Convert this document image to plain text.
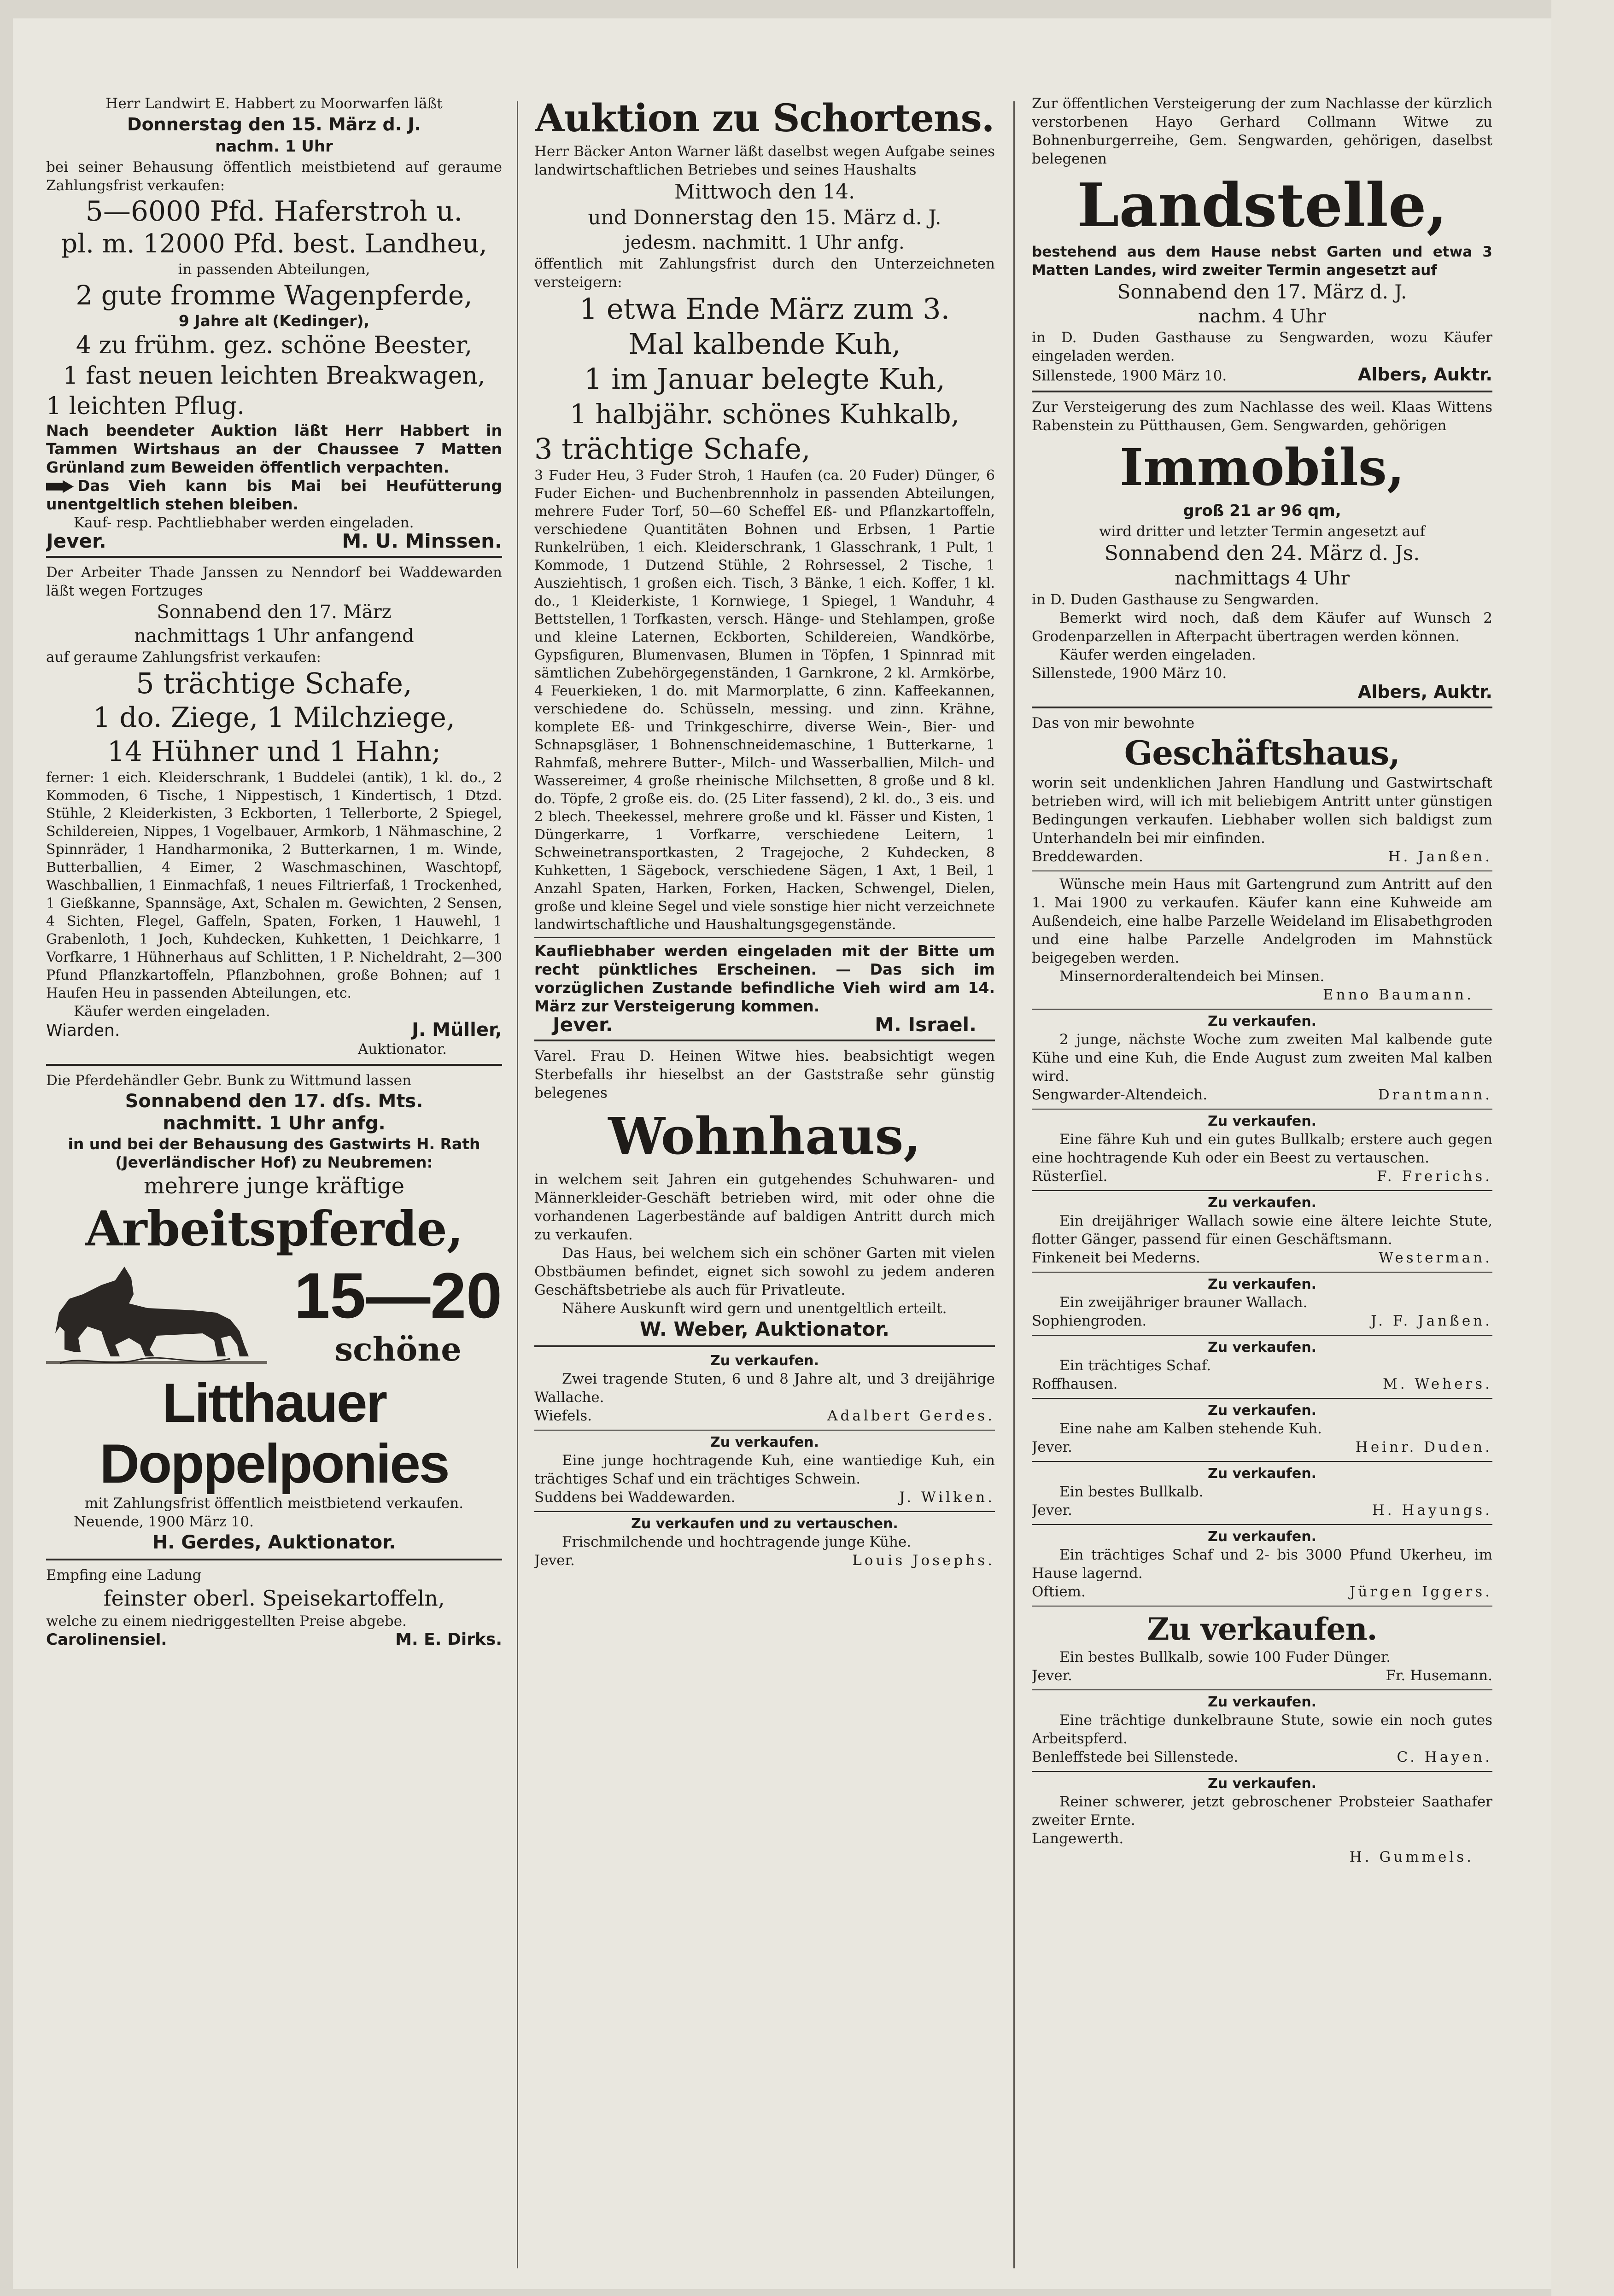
Herr Landwirt E. Habbert zu Moorwarfen läßt

Donnerstag den 15. März d. J.

nachm. 1 Uhr

bei seiner Behausung öffentlich meistbietend auf geraume Zahlungsfrist verkaufen:

5—6000 Pfd. Haferstroh u.

pl. m. 12000 Pfd. best. Landheu,

in passenden Abteilungen,

2 gute fromme Wagenpferde,

9 Jahre alt (Kedinger),

4 zu frühm. gez. schöne Beester,

1 fast neuen leichten Breakwagen,

1 leichten Pflug.

Nach beendeter Auktion läßt Herr Habbert in Tammen Wirtshaus an der Chaussee 7 Matten Grünland zum Beweiden öffentlich verpachten.

Das Vieh kann bis Mai bei Heufütterung unentgeltlich stehen bleiben.

Kauf- resp. Pachtliebhaber werden eingeladen.

Jever.	M. U. Minssen.

Der Arbeiter Thade Janssen zu Nenndorf bei Waddewarden läßt wegen Fortzuges

Sonnabend den 17. März

nachmittags 1 Uhr anfangend

auf geraume Zahlungsfrist verkaufen:

5 trächtige Schafe,

1 do. Ziege, 1 Milchziege,

14 Hühner und 1 Hahn;

ferner: 1 eich. Kleiderschrank, 1 Buddelei (antik), 1 kl. do., 2 Kommoden, 6 Tische, 1 Nippestisch, 1 Kindertisch, 1 Dtzd. Stühle, 2 Kleiderkisten, 3 Eckborten, 1 Tellerborte, 2 Spiegel, Schildereien, Nippes, 1 Vogelbauer, Armkorb, 1 Nähmaschine, 2 Spinnräder, 1 Handharmonika, 2 Butterkarnen, 1 m. Winde, Butterballien, 4 Eimer, 2 Waschmaschinen, Waschtopf, Waschballien, 1 Einmachfaß, 1 neues Filtrierfaß, 1 Trockenhed, 1 Gießkanne, Spannsäge, Axt, Schalen m. Gewichten, 2 Sensen, 4 Sichten, Flegel, Gaffeln, Spaten, Forken, 1 Hauwehl, 1 Grabenloth, 1 Joch, Kuhdecken, Kuhketten, 1 Deichkarre, 1 Vorfkarre, 1 Hühnerhaus auf Schlitten, 1 P. Nicheldraht, 2—300 Pfund Pflanzkartoffeln, Pflanzbohnen, große Bohnen; auf 1 Haufen Heu in passenden Abteilungen, etc.

Käufer werden eingeladen.

Wiarden.	J. Müller,

Auktionator.

Die Pferdehändler Gebr. Bunk zu Wittmund lassen

Sonnabend den 17. dſs. Mts.

nachmitt. 1 Uhr anfg.

in und bei der Behausung des Gastwirts H. Rath (Jeverländischer Hof) zu Neubremen:

mehrere junge kräftige

Arbeitspferde,

15—20
schöne

Litthauer

Doppelponies

mit Zahlungsfrist öffentlich meistbietend verkaufen.

Neuende, 1900 März 10.

H. Gerdes, Auktionator.

Empfing eine Ladung

feinster oberl. Speisekartoffeln,

welche zu einem niedriggestellten Preise abgebe.

Carolinensiel.	M. E. Dirks.

Auktion zu Schortens.

Herr Bäcker Anton Warner läßt daselbst wegen Aufgabe seines landwirtschaftlichen Betriebes und seines Haushalts

Mittwoch den 14.

und Donnerstag den 15. März d. J.

jedesm. nachmitt. 1 Uhr anfg.

öffentlich mit Zahlungsfrist durch den Unterzeichneten versteigern:

1 etwa Ende März zum 3.

Mal kalbende Kuh,

1 im Januar belegte Kuh,

1 halbjähr. schönes Kuhkalb,

3 trächtige Schafe,

3 Fuder Heu, 3 Fuder Stroh, 1 Haufen (ca. 20 Fuder) Dünger, 6 Fuder Eichen- und Buchenbrennholz in passenden Abteilungen, mehrere Fuder Torf, 50—60 Scheffel Eß- und Pflanzkartoffeln, verschiedene Quantitäten Bohnen und Erbsen, 1 Partie Runkelrüben, 1 eich. Kleiderschrank, 1 Glasschrank, 1 Pult, 1 Kommode, 1 Dutzend Stühle, 2 Rohrsessel, 2 Tische, 1 Ausziehtisch, 1 großen eich. Tisch, 3 Bänke, 1 eich. Koffer, 1 kl. do., 1 Kleiderkiste, 1 Kornwiege, 1 Spiegel, 1 Wanduhr, 4 Bettstellen, 1 Torfkasten, versch. Hänge- und Stehlampen, große und kleine Laternen, Eckborten, Schildereien, Wandkörbe, Gypsfiguren, Blumenvasen, Blumen in Töpfen, 1 Spinnrad mit sämtlichen Zubehörgegenständen, 1 Garnkrone, 2 kl. Armkörbe, 4 Feuerkieken, 1 do. mit Marmorplatte, 6 zinn. Kaffeekannen, verschiedene do. Schüsseln, messing. und zinn. Krähne, komplete Eß- und Trinkgeschirre, diverse Wein-, Bier- und Schnapsgläser, 1 Bohnenschneidemaschine, 1 Butterkarne, 1 Rahmfaß, mehrere Butter-, Milch- und Wasserballien, Milch- und Wassereimer, 4 große rheinische Milchsetten, 8 große und 8 kl. do. Töpfe, 2 große eis. do. (25 Liter fassend), 2 kl. do., 3 eis. und 2 blech. Theekessel, mehrere große und kl. Fässer und Kisten, 1 Düngerkarre, 1 Vorfkarre, verschiedene Leitern, 1 Schweinetransportkasten, 2 Tragejoche, 2 Kuhdecken, 8 Kuhketten, 1 Sägebock, verschiedene Sägen, 1 Axt, 1 Beil, 1 Anzahl Spaten, Harken, Forken, Hacken, Schwengel, Dielen, große und kleine Segel und viele sonstige hier nicht verzeichnete landwirtschaftliche und Haushaltungsgegenstände.

Kaufliebhaber werden eingeladen mit der Bitte um recht pünktliches Erscheinen. — Das sich im vorzüglichen Zustande befindliche Vieh wird am 14. März zur Versteigerung kommen.

Jever.	M. Israel.

Varel. Frau D. Heinen Witwe hies. beabsichtigt wegen Sterbefalls ihr hieselbst an der Gaststraße sehr günstig belegenes

Wohnhaus,

in welchem seit Jahren ein gutgehendes Schuhwaren- und Männerkleider-Geschäft betrieben wird, mit oder ohne die vorhandenen Lagerbestände auf baldigen Antritt durch mich zu verkaufen.

Das Haus, bei welchem sich ein schöner Garten mit vielen Obstbäumen befindet, eignet sich sowohl zu jedem anderen Geschäftsbetriebe als auch für Privatleute.

Nähere Auskunft wird gern und unentgeltlich erteilt.

W. Weber, Auktionator.

Zu verkaufen.

Zwei tragende Stuten, 6 und 8 Jahre alt, und 3 dreijährige Wallache.

Wiefels.	Adalbert Gerdes.

Zu verkaufen.

Eine junge hochtragende Kuh, eine wantiedige Kuh, ein trächtiges Schaf und ein trächtiges Schwein.

Suddens bei Waddewarden.	J. Wilken.

Zu verkaufen und zu vertauschen.

Frischmilchende und hochtragende junge Kühe.

Jever.	Louis Josephs.

Zur öffentlichen Versteigerung der zum Nachlasse der kürzlich verstorbenen Hayo Gerhard Collmann Witwe zu Bohnenburgerreihe, Gem. Sengwarden, gehörigen, daselbst belegenen

Landstelle,

bestehend aus dem Hause nebst Garten und etwa 3 Matten Landes, wird zweiter Termin angesetzt auf

Sonnabend den 17. März d. J.

nachm. 4 Uhr

in D. Duden Gasthause zu Sengwarden, wozu Käufer eingeladen werden.

Sillenstede, 1900 März 10.	Albers, Auktr.

Zur Versteigerung des zum Nachlasse des weil. Klaas Wittens Rabenstein zu Pütthausen, Gem. Sengwarden, gehörigen

Immobils,

groß 21 ar 96 qm,

wird dritter und letzter Termin angesetzt auf

Sonnabend den 24. März d. Js.

nachmittags 4 Uhr

in D. Duden Gasthause zu Sengwarden.

Bemerkt wird noch, daß dem Käufer auf Wunsch 2 Grodenparzellen in Afterpacht übertragen werden können.

Käufer werden eingeladen.

Sillenstede, 1900 März 10.

Albers, Auktr.

Das von mir bewohnte

Geschäftshaus,

worin seit undenklichen Jahren Handlung und Gastwirtschaft betrieben wird, will ich mit beliebigem Antritt unter günstigen Bedingungen verkaufen. Liebhaber wollen sich baldigst zum Unterhandeln bei mir einfinden.

Breddewarden.	H. Janßen.

Wünsche mein Haus mit Gartengrund zum Antritt auf den 1. Mai 1900 zu verkaufen. Käufer kann eine Kuhweide am Außendeich, eine halbe Parzelle Weideland im Elisabethgroden und eine halbe Parzelle Andelgroden im Mahnstück beigegeben werden.

Minsernorderaltendeich bei Minsen.

Enno Baumann.

Zu verkaufen.

2 junge, nächste Woche zum zweiten Mal kalbende gute Kühe und eine Kuh, die Ende August zum zweiten Mal kalben wird.

Sengwarder-Altendeich.	Drantmann.

Zu verkaufen.

Eine fähre Kuh und ein gutes Bullkalb; erstere auch gegen eine hochtragende Kuh oder ein Beest zu vertauschen.

Rüsterſiel.	F. Frerichs.

Zu verkaufen.

Ein dreijähriger Wallach sowie eine ältere leichte Stute, flotter Gänger, passend für einen Geschäftsmann.

Finkeneit bei Mederns.	Westerman.

Zu verkaufen.

Ein zweijähriger brauner Wallach.

Sophiengroden.	J. F. Janßen.

Zu verkaufen.

Ein trächtiges Schaf.

Roffhausen.	M. Wehers.

Zu verkaufen.

Eine nahe am Kalben stehende Kuh.

Jever.	Heinr. Duden.

Zu verkaufen.

Ein bestes Bullkalb.

Jever.	H. Hayungs.

Zu verkaufen.

Ein trächtiges Schaf und 2- bis 3000 Pfund Ukerheu, im Hause lagernd.

Oftiem.	Jürgen Iggers.

Zu verkaufen.

Ein bestes Bullkalb, sowie 100 Fuder Dünger.

Jever.	Fr. Husemann.

Zu verkaufen.

Eine trächtige dunkelbraune Stute, sowie ein noch gutes Arbeitspferd.

Benleffstede bei Sillenstede.	C. Hayen.

Zu verkaufen.

Reiner schwerer, jetzt gebroschener Probsteier Saathafer zweiter Ernte.

Langewerth.

H. Gummels.
